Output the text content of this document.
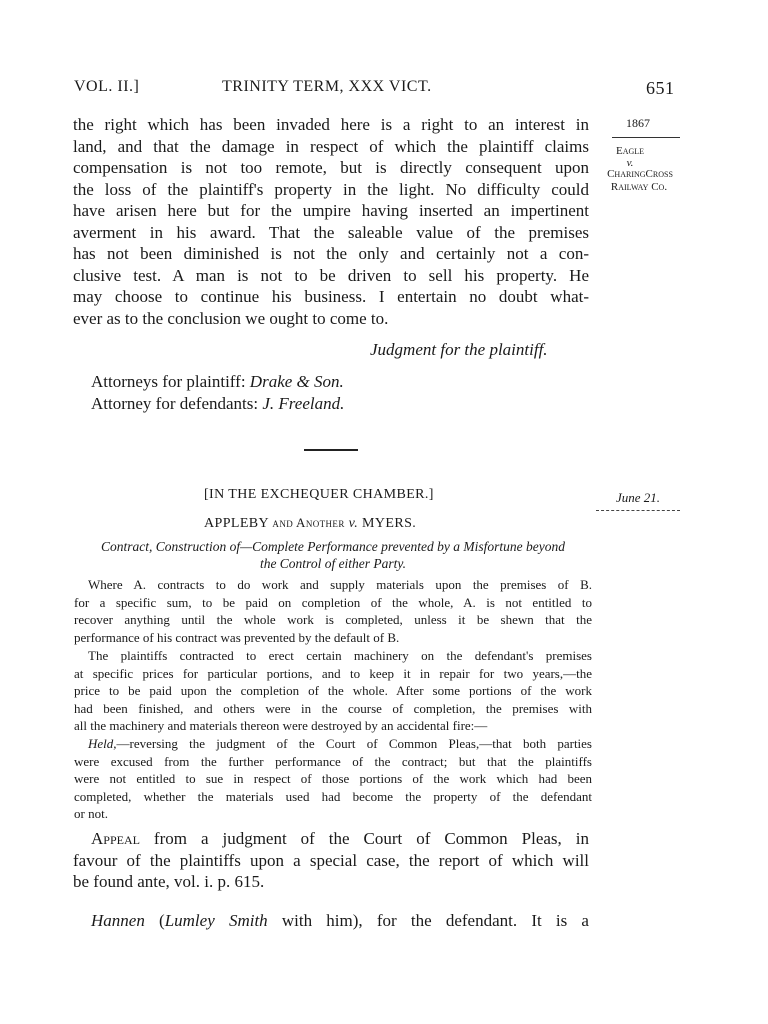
VOL. II.]	TRINITY TERM, XXX VICT.	651
1867
Eagle
v.
CharingCross
Railway Co.
the right which has been invaded here is a right to an interest in
land, and that the damage in respect of which the plaintiff claims
compensation is not too remote, but is directly consequent upon
the loss of the plaintiff's property in the light. No difficulty could
have arisen here but for the umpire having inserted an impertinent
averment in his award. That the saleable value of the premises
has not been diminished is not the only and certainly not a con-
clusive test. A man is not to be driven to sell his property. He
may choose to continue his business. I entertain no doubt what-
ever as to the conclusion we ought to come to.
Judgment for the plaintiff.
Attorneys for plaintiff: Drake & Son.
Attorney for defendants: J. Freeland.
[IN THE EXCHEQUER CHAMBER.]	June 21.
APPLEBY and Another v. MYERS.
Contract, Construction of—Complete Performance prevented by a Misfortune beyond
the Control of either Party.
Where A. contracts to do work and supply materials upon the premises of B.
for a specific sum, to be paid on completion of the whole, A. is not entitled to
recover anything until the whole work is completed, unless it be shewn that the
performance of his contract was prevented by the default of B.
The plaintiffs contracted to erect certain machinery on the defendant's premises
at specific prices for particular portions, and to keep it in repair for two years,—the
price to be paid upon the completion of the whole. After some portions of the work
had been finished, and others were in the course of completion, the premises with
all the machinery and materials thereon were destroyed by an accidental fire:—
Held,—reversing the judgment of the Court of Common Pleas,—that both parties
were excused from the further performance of the contract; but that the plaintiffs
were not entitled to sue in respect of those portions of the work which had been
completed, whether the materials used had become the property of the defendant
or not.
Appeal from a judgment of the Court of Common Pleas, in
favour of the plaintiffs upon a special case, the report of which will
be found ante, vol. i. p. 615.
Hannen (Lumley Smith with him), for the defendant. It is a
